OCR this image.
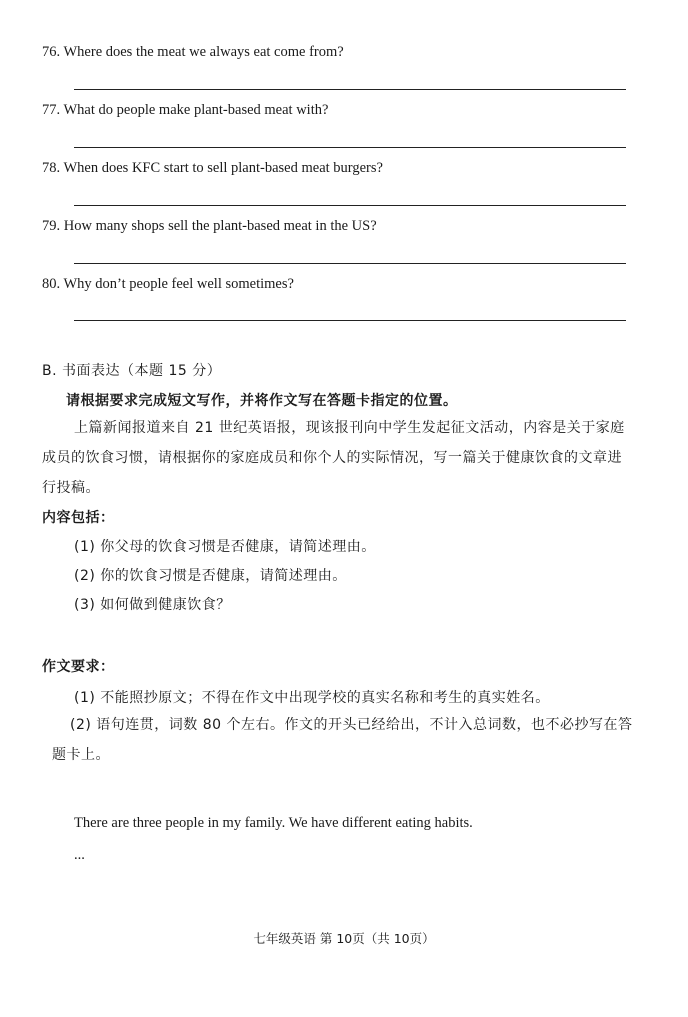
76. Where does the meat we always eat come from?
77. What do people make plant-based meat with?
78. When does KFC start to sell plant-based meat burgers?
79. How many shops sell the plant-based meat in the US?
80. Why don’t people feel well sometimes?
B. 书面表达（本题 15 分）
请根据要求完成短文写作，并将作文写在答题卡指定的位置。
上篇新闻报道来自 21 世纪英语报，现该报刊向中学生发起征文活动，内容是关于家庭成员的饮食习惯，请根据你的家庭成员和你个人的实际情况，写一篇关于健康饮食的文章进行投稿。
内容包括：
(1) 你父母的饮食习惯是否健康，请简述理由。
(2) 你的饮食习惯是否健康，请简述理由。
(3) 如何做到健康饮食？
作文要求：
(1) 不能照抄原文；不得在作文中出现学校的真实名称和考生的真实姓名。
(2) 语句连贯，词数 80 个左右。作文的开头已经给出，不计入总词数，也不必抄写在答题卡上。
There are three people in my family. We have different eating habits.
...
七年级英语 第 10页（共 10页）
